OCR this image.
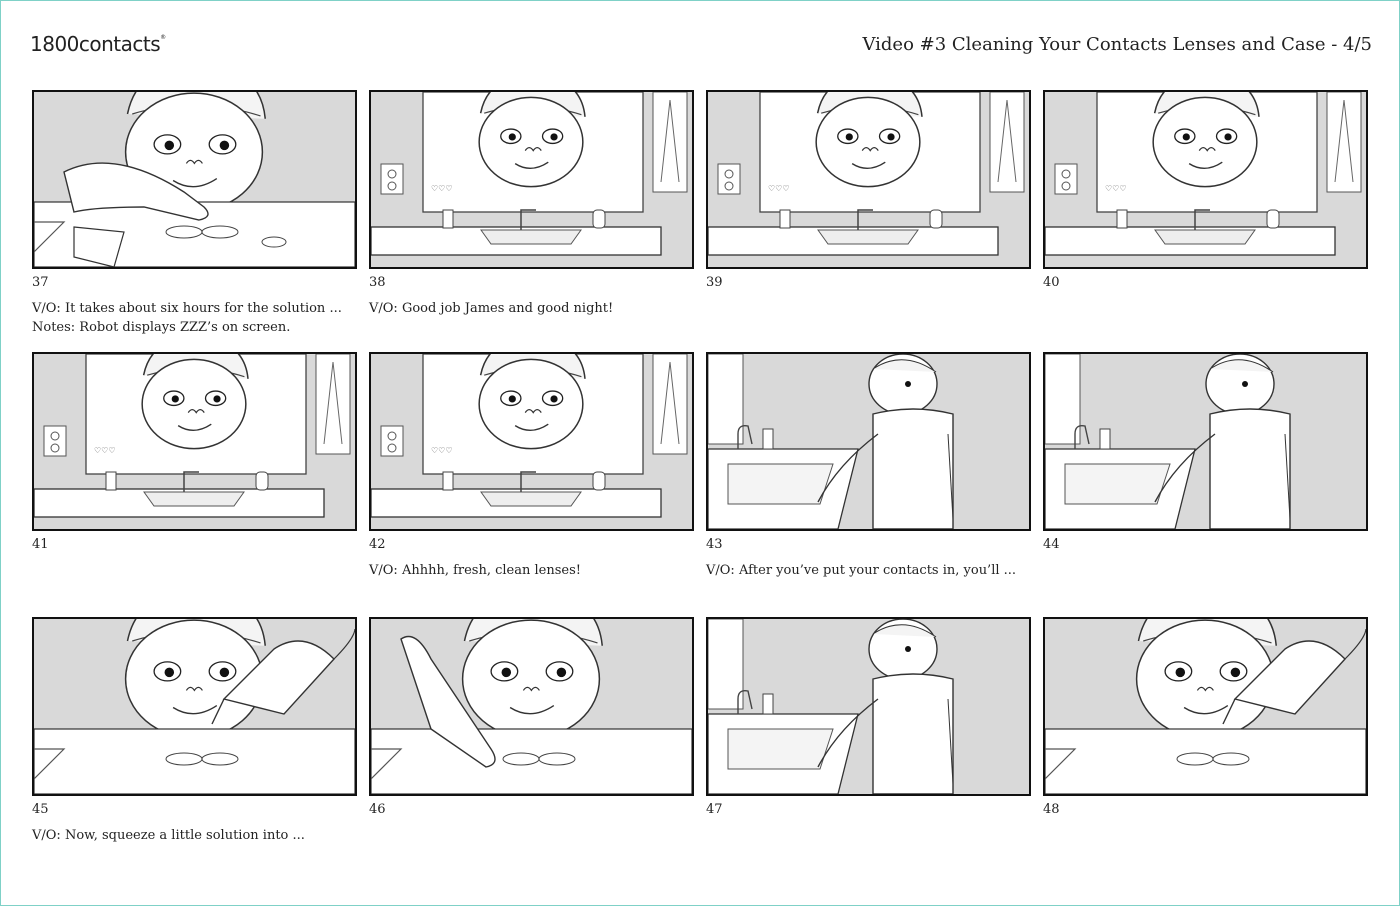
1800contacts®	Video #3 Cleaning Your Contacts Lenses and Case - 4/5
37
V/O: It takes about six hours for the solution ...
Notes: Robot displays ZZZ’s on screen.
♡♡♡
38
V/O: Good job James and good night!
♡♡♡
39
♡♡♡
40
♡♡♡
41
♡♡♡
42
V/O: Ahhhh, fresh, clean lenses!
43
V/O: After you’ve put your contacts in, you’ll ...
44
45
V/O: Now, squeeze a little solution into ...
46	47	48
